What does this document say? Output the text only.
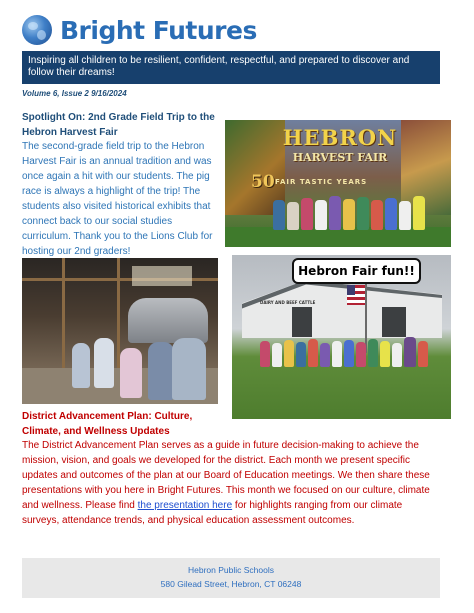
Bright Futures
Inspiring all children to be resilient, confident, respectful, and prepared to discover and follow their dreams!
Volume 6, Issue 2 9/16/2024
Spotlight On: 2nd Grade Field Trip to the Hebron Harvest Fair
The second-grade field trip to the Hebron Harvest Fair is an annual tradition and was once again a hit with our students. The pig race is always a highlight of the trip! The students also visited historical exhibits that connect back to our social studies curriculum. Thank you to the Lions Club for hosting our 2nd graders!
HEBRON
HARVEST FAIR
50 FAIR TASTIC YEARS
DAIRY AND BEEF CATTLE
Hebron Fair fun!!
District Advancement Plan: Culture, Climate, and Wellness Updates
The District Advancement Plan serves as a guide in future decision-making to achieve the mission, vision, and goals we developed for the district. Each month we present specific updates and outcomes of the plan at our Board of Education meetings. We then share these presentations with you here in Bright Futures. This month we focused on our culture, climate and wellness. Please find the presentation here for highlights ranging from our climate surveys, attendance trends, and physical education assessment outcomes.
Hebron Public Schools
580 Gilead Street, Hebron, CT 06248
